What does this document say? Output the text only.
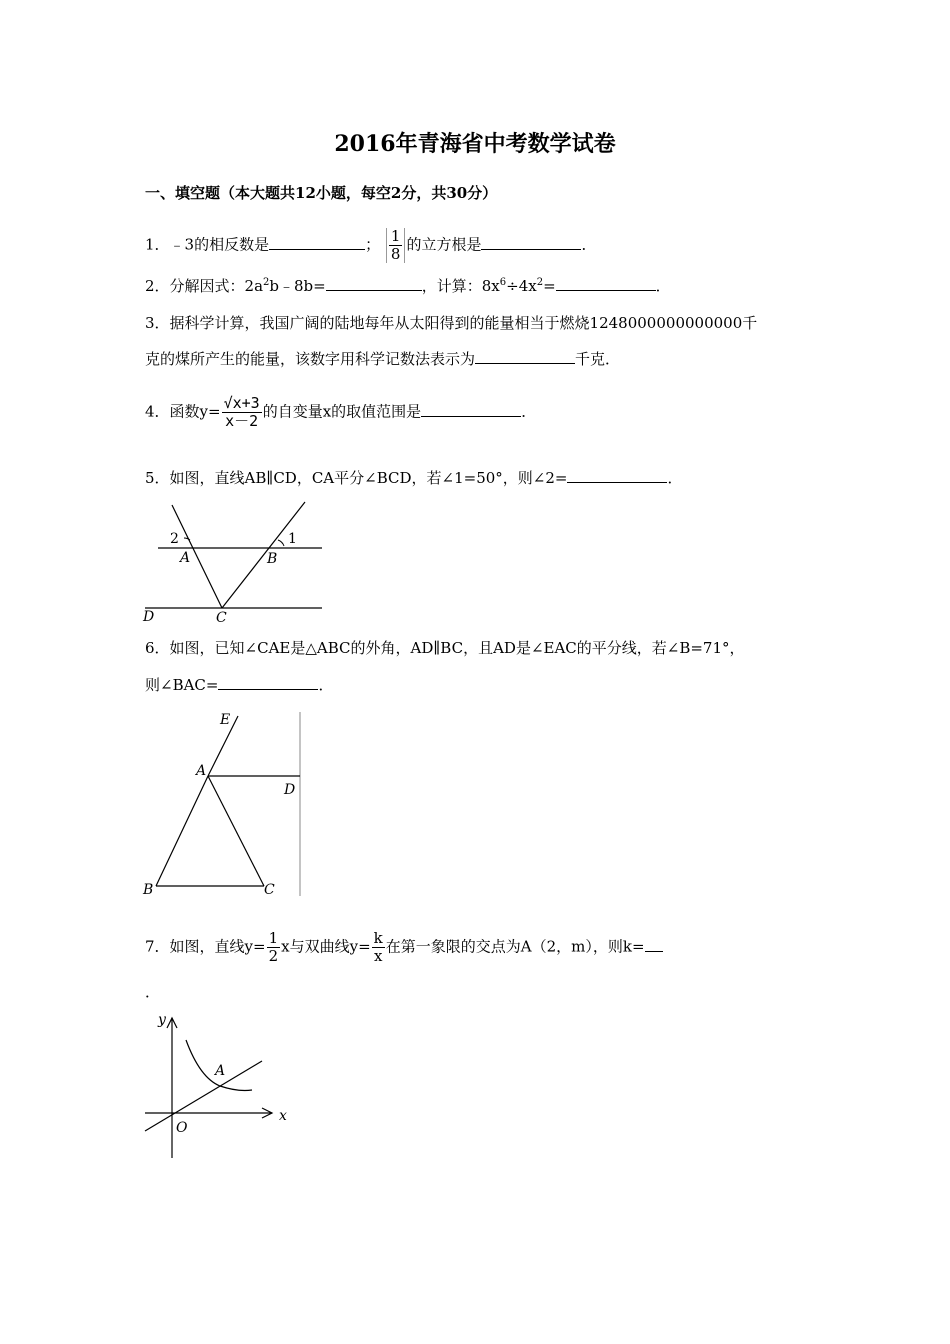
2016年青海省中考数学试卷
一、填空题（本大题共12小题，每空2分，共30分）
1．﹣3的相反数是	； $\frac{1}{8}$ 的立方根是	．
2．分解因式：$2a^2b﹣8b=$	，计算：$8x^6\div 4x^2=$	．
3．据科学计算，我国广阔的陆地每年从太阳得到的能量相当于燃烧1248000000000000千
克的煤所产生的能量，该数字用科学记数法表示为	千克．
4．函数$y= \frac{√x+3}{x-2}$ 的自变量x的取值范围是	．
5．如图，直线AB∥CD，CA平分∠BCD，若∠1=50°，则∠2=	．
2	1
A	B
D	C
6．如图，已知∠CAE是△ABC的外角，AD∥BC，且AD是∠EAC的平分线，若∠B=71°，
则∠BAC=	．
E
A
D
B	C
7．如图，直线$y= \frac{1}{2}$ x与双曲线$y= \frac{k}{x}$ 在第一象限的交点为A（2，m），则k=
．
y
A
x
O
